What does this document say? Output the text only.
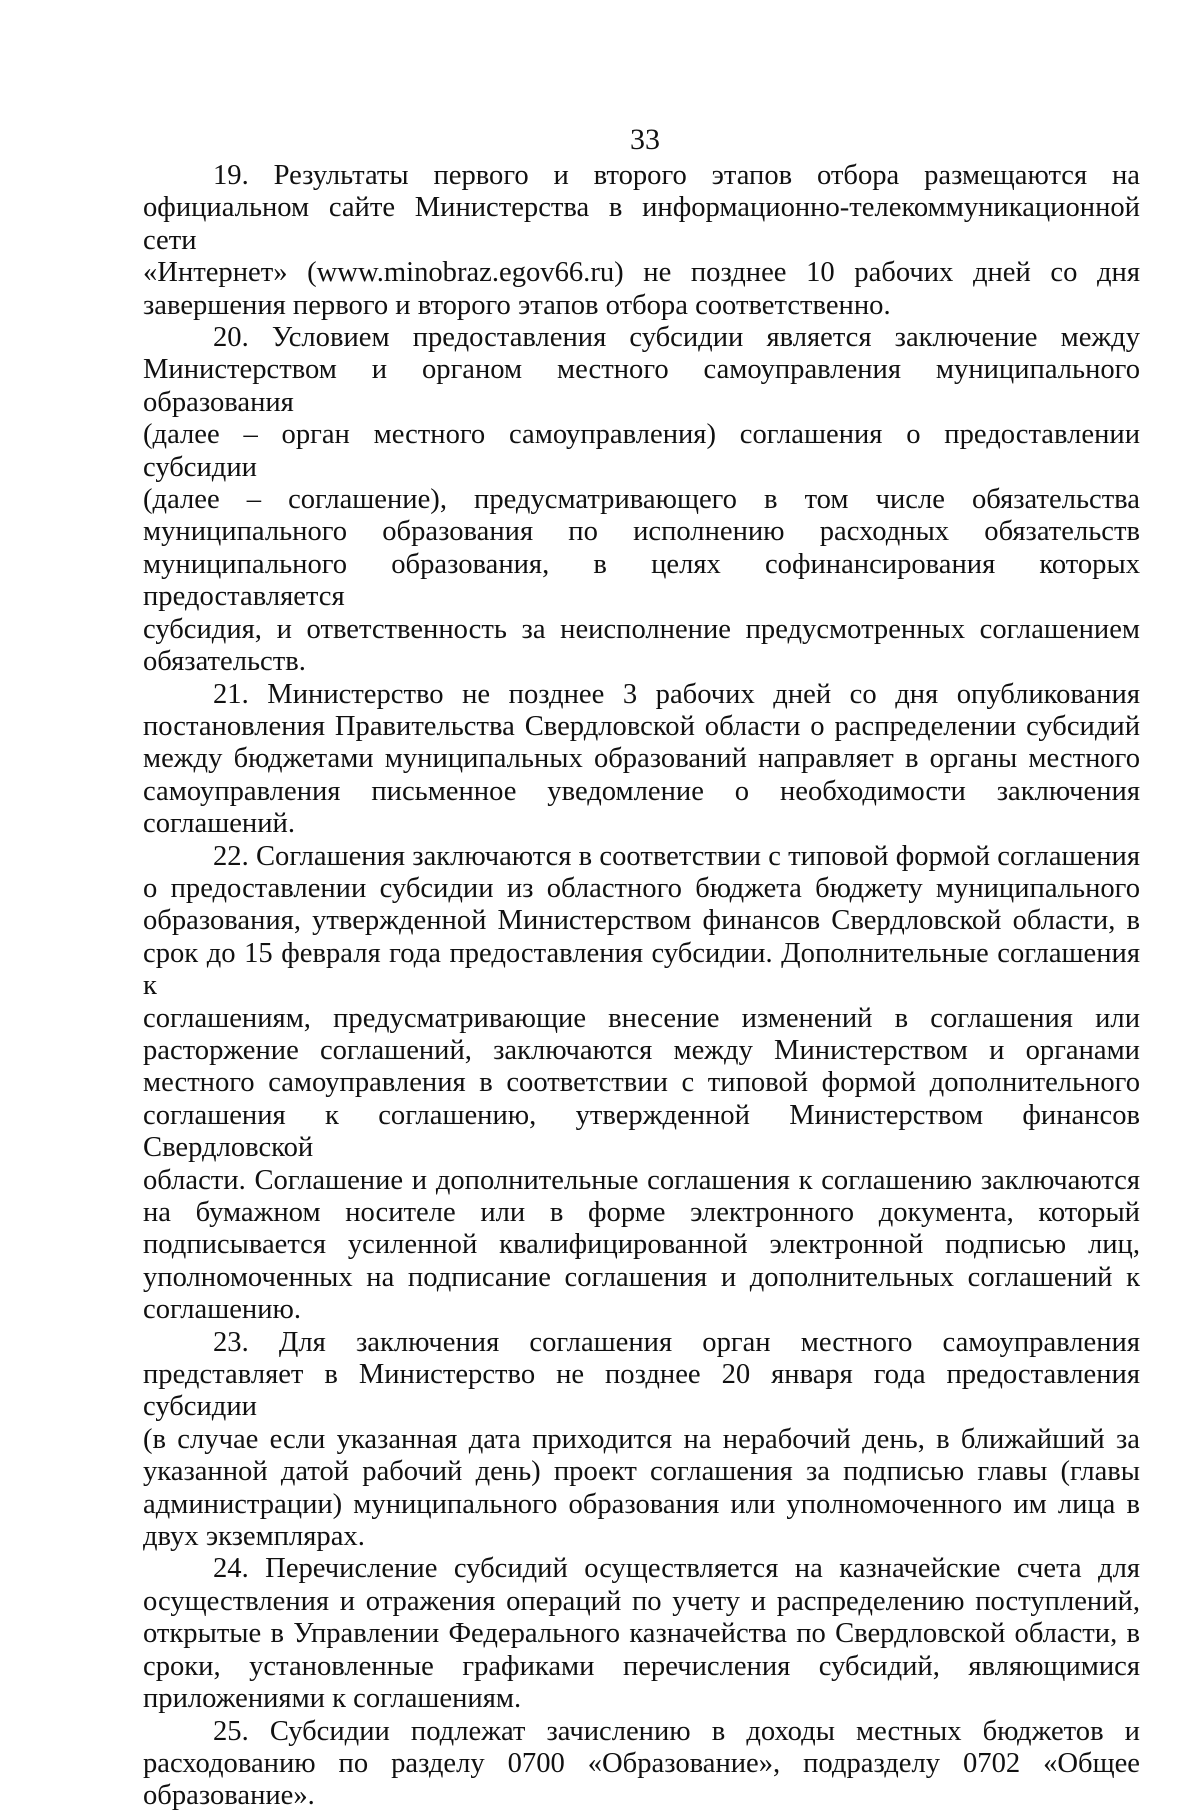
33
19. Результаты первого и второго этапов отбора размещаются на
официальном сайте Министерства в информационно-телекоммуникационной сети
«Интернет» (www.minobraz.egov66.ru) не позднее 10 рабочих дней со дня
завершения первого и второго этапов отбора соответственно.
20. Условием предоставления субсидии является заключение между
Министерством и органом местного самоуправления муниципального образования
(далее – орган местного самоуправления) соглашения о предоставлении субсидии
(далее – соглашение), предусматривающего в том числе обязательства
муниципального образования по исполнению расходных обязательств
муниципального образования, в целях софинансирования которых предоставляется
субсидия, и ответственность за неисполнение предусмотренных соглашением
обязательств.
21. Министерство не позднее 3 рабочих дней со дня опубликования
постановления Правительства Свердловской области о распределении субсидий
между бюджетами муниципальных образований направляет в органы местного
самоуправления письменное уведомление о необходимости заключения
соглашений.
22. Соглашения заключаются в соответствии с типовой формой соглашения
о предоставлении субсидии из областного бюджета бюджету муниципального
образования, утвержденной Министерством финансов Свердловской области, в
срок до 15 февраля года предоставления субсидии. Дополнительные соглашения к
соглашениям, предусматривающие внесение изменений в соглашения или
расторжение соглашений, заключаются между Министерством и органами
местного самоуправления в соответствии с типовой формой дополнительного
соглашения к соглашению, утвержденной Министерством финансов Свердловской
области. Соглашение и дополнительные соглашения к соглашению заключаются
на бумажном носителе или в форме электронного документа, который
подписывается усиленной квалифицированной электронной подписью лиц,
уполномоченных на подписание соглашения и дополнительных соглашений к
соглашению.
23. Для заключения соглашения орган местного самоуправления
представляет в Министерство не позднее 20 января года предоставления субсидии
(в случае если указанная дата приходится на нерабочий день, в ближайший за
указанной датой рабочий день) проект соглашения за подписью главы (главы
администрации) муниципального образования или уполномоченного им лица в
двух экземплярах.
24. Перечисление субсидий осуществляется на казначейские счета для
осуществления и отражения операций по учету и распределению поступлений,
открытые в Управлении Федерального казначейства по Свердловской области, в
сроки, установленные графиками перечисления субсидий, являющимися
приложениями к соглашениям.
25. Субсидии подлежат зачислению в доходы местных бюджетов и
расходованию по разделу 0700 «Образование», подразделу 0702 «Общее
образование».
